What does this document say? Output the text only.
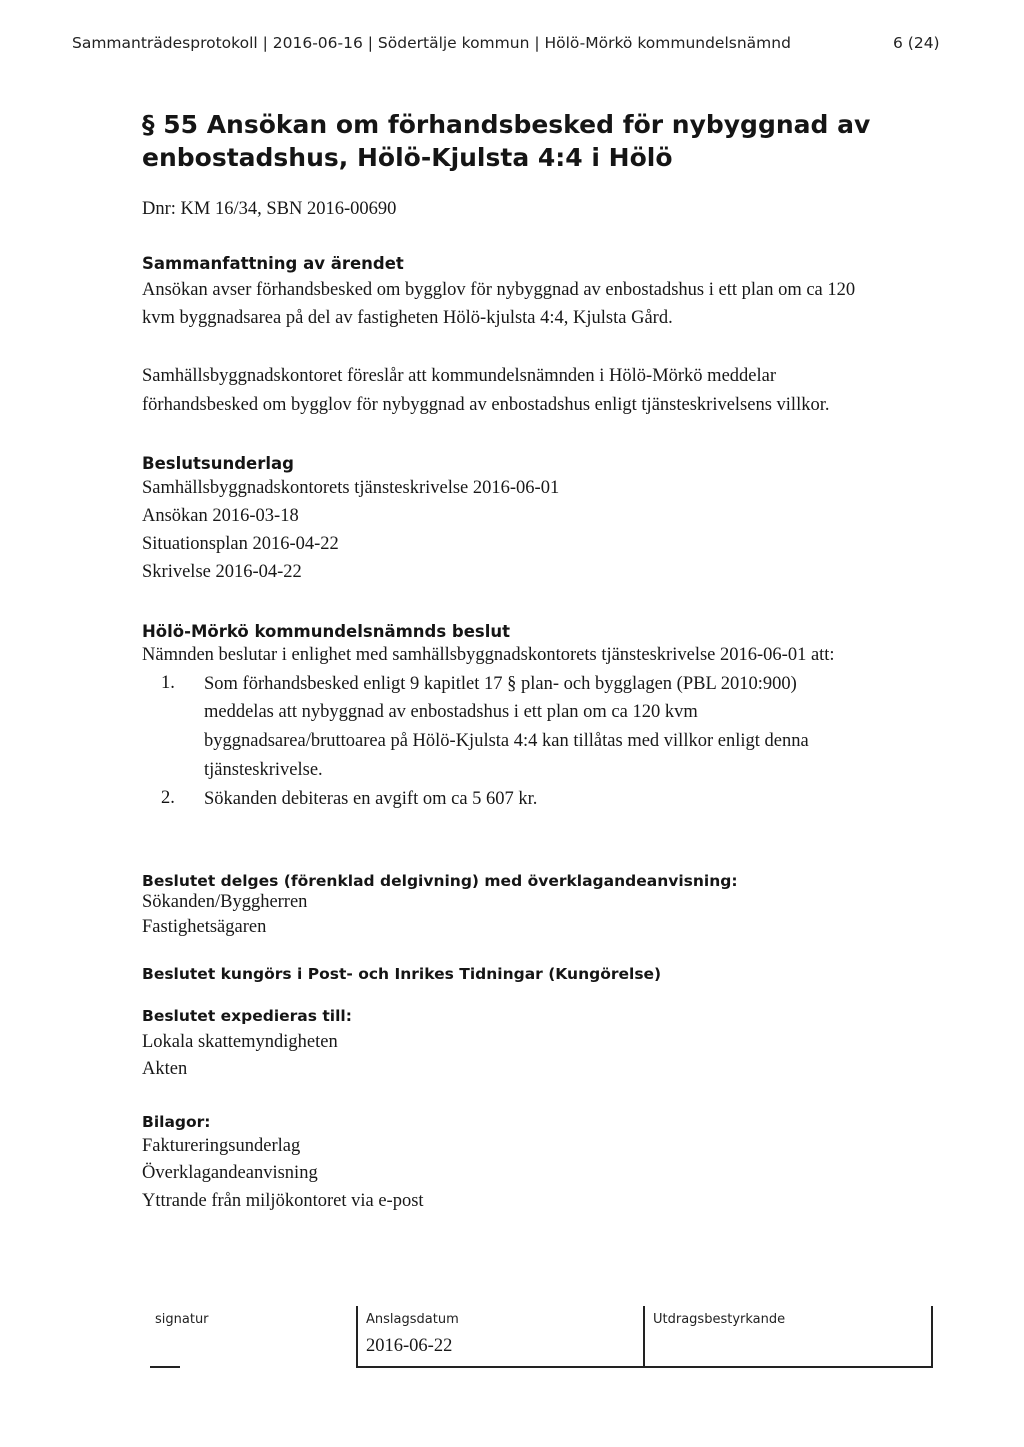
Sammanträdesprotokoll | 2016-06-16 | Södertälje kommun | Hölö-Mörkö kommundelsnämnd	6 (24)
§ 55 Ansökan om förhandsbesked för nybyggnad av
enbostadshus, Hölö-Kjulsta 4:4 i Hölö
Dnr: KM 16/34, SBN 2016-00690
Sammanfattning av ärendet
Ansökan avser förhandsbesked om bygglov för nybyggnad av enbostadshus i ett plan om ca 120
kvm byggnadsarea på del av fastigheten Hölö-kjulsta 4:4, Kjulsta Gård.
Samhällsbyggnadskontoret föreslår att kommundelsnämnden i Hölö-Mörkö meddelar
förhandsbesked om bygglov för nybyggnad av enbostadshus enligt tjänsteskrivelsens villkor.
Beslutsunderlag
Samhällsbyggnadskontorets tjänsteskrivelse 2016-06-01
Ansökan 2016-03-18
Situationsplan 2016-04-22
Skrivelse 2016-04-22
Hölö-Mörkö kommundelsnämnds beslut
Nämnden beslutar i enlighet med samhällsbyggnadskontorets tjänsteskrivelse 2016-06-01 att:
1. Som förhandsbesked enligt 9 kapitlet 17 § plan- och bygglagen (PBL 2010:900)
meddelas att nybyggnad av enbostadshus i ett plan om ca 120 kvm
byggnadsarea/bruttoarea på Hölö-Kjulsta 4:4 kan tillåtas med villkor enligt denna
tjänsteskrivelse.
2. Sökanden debiteras en avgift om ca 5 607 kr.
Beslutet delges (förenklad delgivning) med överklagandeanvisning:
Sökanden/Byggherren
Fastighetsägaren
Beslutet kungörs i Post- och Inrikes Tidningar (Kungörelse)
Beslutet expedieras till:
Lokala skattemyndigheten
Akten
Bilagor:
Faktureringsunderlag
Överklagandeanvisning
Yttrande från miljökontoret via e-post
signatur	Anslagsdatum
2016-06-22
Utdragsbestyrkande
